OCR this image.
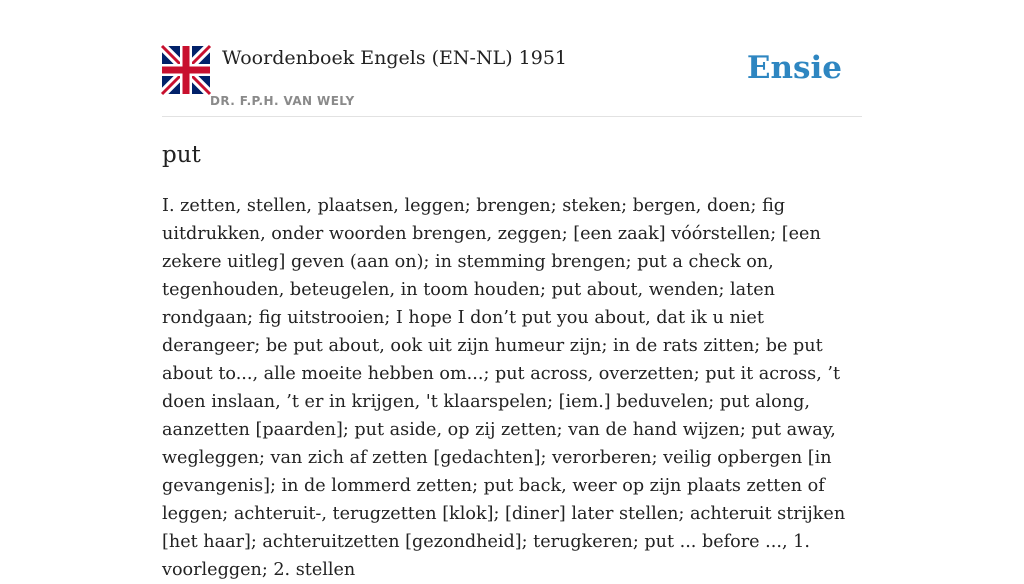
Woordenboek Engels (EN-NL) 1951
DR. F.P.H. VAN WELY
Ensie
put

I. zetten, stellen, plaatsen, leggen; brengen; steken; bergen, doen; fig uitdrukken, onder woorden brengen, zeggen; [een zaak] vóórstellen; [een zekere uitleg] geven (aan on); in stemming brengen; put a check on, tegenhouden, beteugelen, in toom houden; put about, wenden; laten rondgaan; fig uitstrooien; I hope I don’t put you about, dat ik u niet derangeer; be put about, ook uit zijn humeur zijn; in de rats zitten; be put about to..., alle moeite hebben om...; put across, overzetten; put it across, ’t doen inslaan, ’t er in krijgen, 't klaarspelen; [iem.] beduvelen; put along, aanzetten [paarden]; put aside, op zij zetten; van de hand wijzen; put away, wegleggen; van zich af zetten [gedachten]; verorberen; veilig opbergen [in gevangenis]; in de lommerd zetten; put back, weer op zijn plaats zetten of leggen; achteruit-, terugzetten [klok]; [diner] later stellen; achteruit strijken [het haar]; achteruitzetten [gezondheid]; terugkeren; put ... before ..., 1. voorleggen; 2. stellen
